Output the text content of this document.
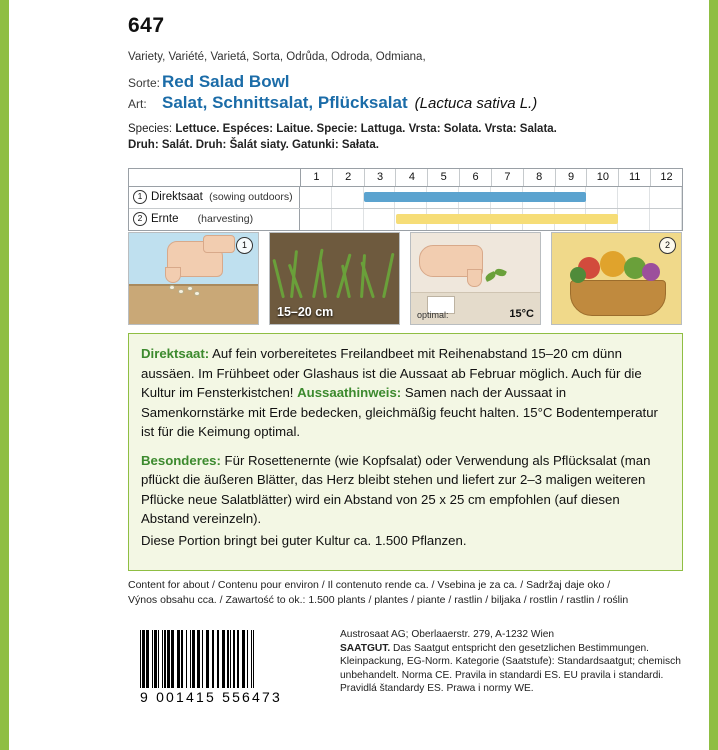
647
Variety, Variété, Varietá, Sorta, Odrůda, Odroda, Odmiana,
Sorte: Red Salad Bowl
Art: Salat, Schnittsalat, Pflücksalat (Lactuca sativa L.)
Species: Lettuce. Espéces: Laitue. Specie: Lattuga. Vrsta: Solata. Vrsta: Salata.
Druh: Salát. Druh: Šalát siaty. Gatunki: Sałata.
1	2	3	4	5	6	7	8	9	10	11	12
1 Direktsaat (sowing outdoors)
2 Ernte (harvesting)
1
15–20 cm	optimal:	15°C
2

Direktsaat: Auf fein vorbereitetes Freilandbeet mit Reihenabstand 15–20 cm dünn aussäen. Im Frühbeet oder Glashaus ist die Aussaat ab Februar möglich. Auch für die Kultur im Fensterkistchen! Aussaathinweis: Samen nach der Aussaat in Samenkornstärke mit Erde bedecken, gleichmäßig feucht halten. 15°C Bodentemperatur ist für die Keimung optimal.

Besonderes: Für Rosettenernte (wie Kopfsalat) oder Verwendung als Pflücksalat (man pflückt die äußeren Blätter, das Herz bleibt stehen und liefert zur 2–3 maligen weiteren Pflücke neue Salatblätter) wird ein Abstand von 25 x 25 cm empfohlen (auf diesen Abstand vereinzeln).

Diese Portion bringt bei guter Kultur ca. 1.500 Pflanzen.

Content for about / Contenu pour environ / Il contenuto rende ca. / Vsebina je za ca. / Sadržaj daje oko /
Výnos obsahu cca. / Zawartość to ok.: 1.500 plants / plantes / piante / rastlin / biljaka / rostlin / rastlin / roślin
9 001415 556473
Austrosaat AG; Oberlaaerstr. 279, A-1232 Wien
SAATGUT. Das Saatgut entspricht den gesetzlichen Bestimmungen. Kleinpackung, EG-Norm. Kategorie (Saatstufe): Standardsaatgut; chemisch unbehandelt. Norma CE. Pravila in standardi ES. EU pravila i standardi. Pravidlá štandardy ES. Prawa i normy WE.
